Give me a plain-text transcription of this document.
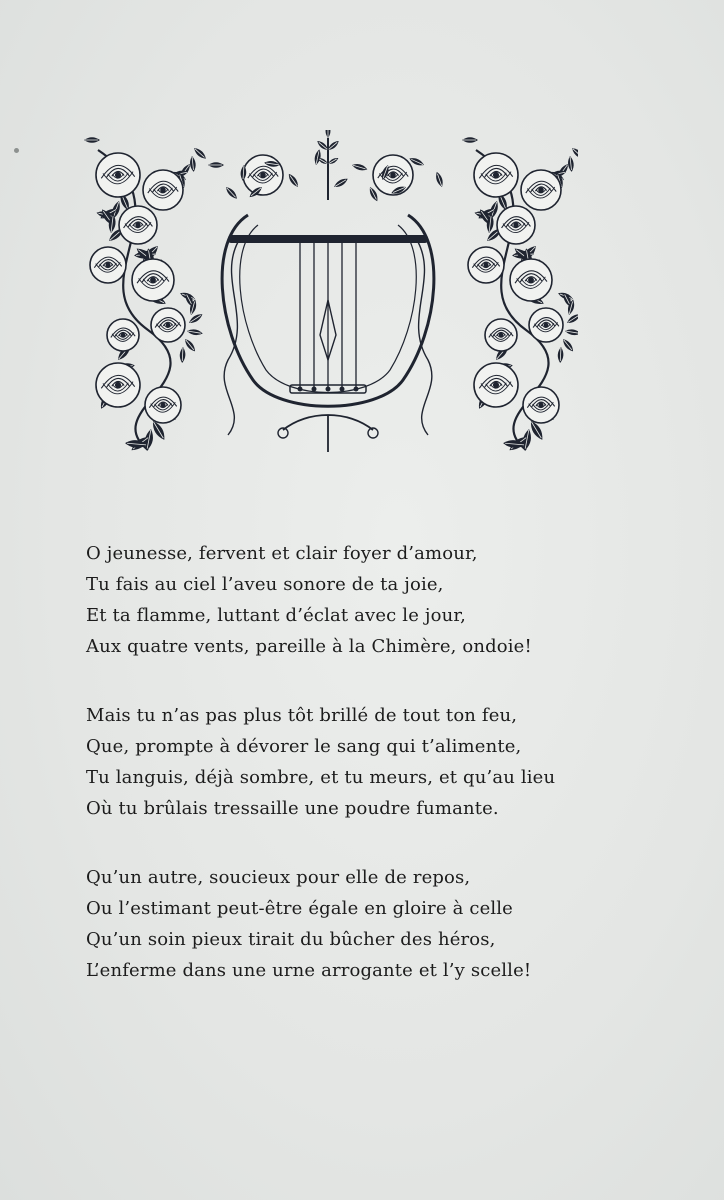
O jeunesse, fervent et clair foyer d’amour,
Tu fais au ciel l’aveu sonore de ta joie,
Et ta flamme, luttant d’éclat avec le jour,
Aux quatre vents, pareille à la Chimère, ondoie!
Mais tu n’as pas plus tôt brillé de tout ton feu,
Que, prompte à dévorer le sang qui t’alimente,
Tu languis, déjà sombre, et tu meurs, et qu’au lieu
Où tu brûlais tressaille une poudre fumante.
Qu’un autre, soucieux pour elle de repos,
Ou l’estimant peut-être égale en gloire à celle
Qu’un soin pieux tirait du bûcher des héros,
L’enferme dans une urne arrogante et l’y scelle!
